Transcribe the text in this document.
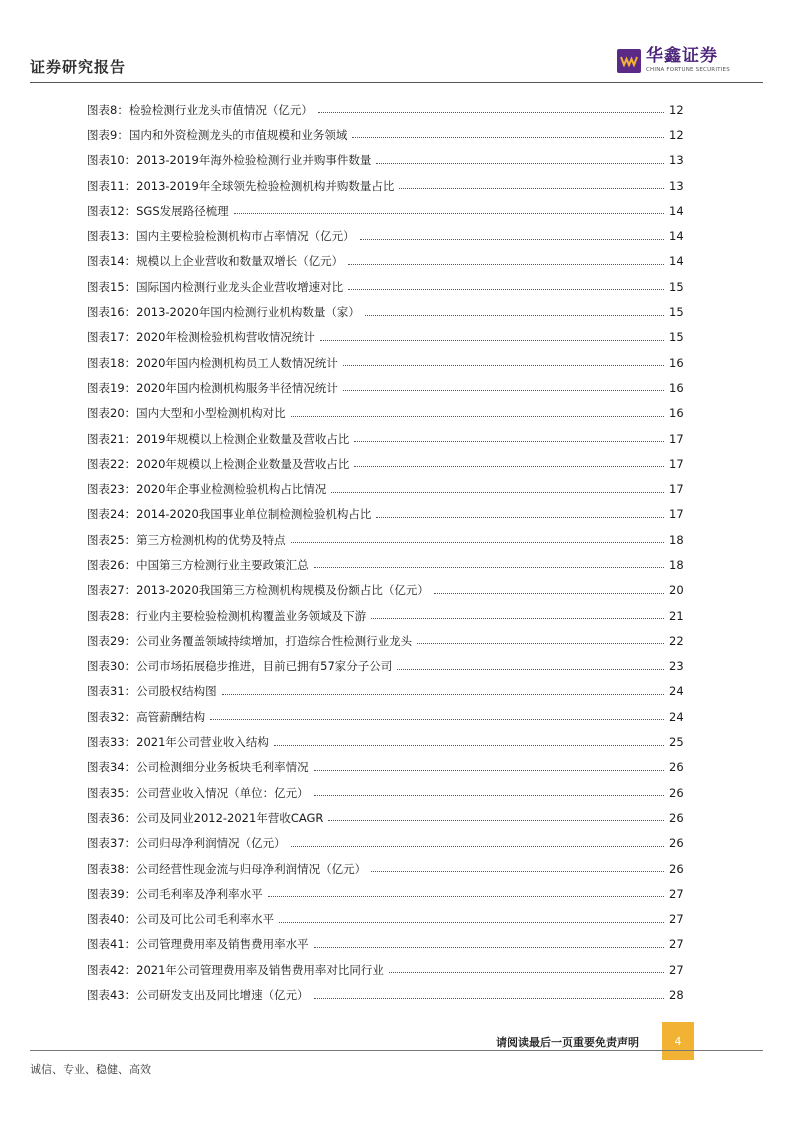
证券研究报告
华鑫证券
CHINA FORTUNE SECURITIES
图表8：检验检测行业龙头市值情况（亿元）	12
图表9：国内和外资检测龙头的市值规模和业务领域	12
图表10：2013-2019年海外检验检测行业并购事件数量	13
图表11：2013-2019年全球领先检验检测机构并购数量占比	13
图表12：SGS发展路径梳理	14
图表13：国内主要检验检测机构市占率情况（亿元）	14
图表14：规模以上企业营收和数量双增长（亿元）	14
图表15：国际国内检测行业龙头企业营收增速对比	15
图表16：2013-2020年国内检测行业机构数量（家）	15
图表17：2020年检测检验机构营收情况统计	15
图表18：2020年国内检测机构员工人数情况统计	16
图表19：2020年国内检测机构服务半径情况统计	16
图表20：国内大型和小型检测机构对比	16
图表21：2019年规模以上检测企业数量及营收占比	17
图表22：2020年规模以上检测企业数量及营收占比	17
图表23：2020年企事业检测检验机构占比情况	17
图表24：2014-2020我国事业单位制检测检验机构占比	17
图表25：第三方检测机构的优势及特点	18
图表26：中国第三方检测行业主要政策汇总	18
图表27：2013-2020我国第三方检测机构规模及份额占比（亿元）	20
图表28：行业内主要检验检测机构覆盖业务领域及下游	21
图表29：公司业务覆盖领域持续增加，打造综合性检测行业龙头	22
图表30：公司市场拓展稳步推进，目前已拥有57家分子公司	23
图表31：公司股权结构图	24
图表32：高管薪酬结构	24
图表33：2021年公司营业收入结构	25
图表34：公司检测细分业务板块毛利率情况	26
图表35：公司营业收入情况（单位：亿元）	26
图表36：公司及同业2012-2021年营收CAGR	26
图表37：公司归母净利润情况（亿元）	26
图表38：公司经营性现金流与归母净利润情况（亿元）	26
图表39：公司毛利率及净利率水平	27
图表40：公司及可比公司毛利率水平	27
图表41：公司管理费用率及销售费用率水平	27
图表42：2021年公司管理费用率及销售费用率对比同行业	27
图表43：公司研发支出及同比增速（亿元）	28
请阅读最后一页重要免责声明	4
诚信、专业、稳健、高效
